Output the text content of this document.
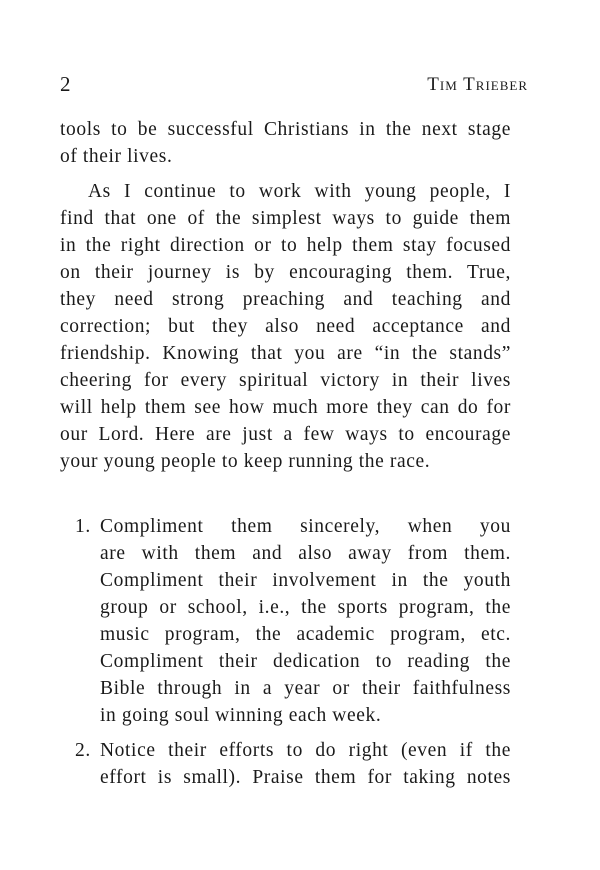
2	Tim Trieber
tools to be successful Christians in the next stage
of their lives.
As I continue to work with young people, I
find that one of the simplest ways to guide them
in the right direction or to help them stay focused
on their journey is by encouraging them. True,
they need strong preaching and teaching and
correction; but they also need acceptance and
friendship. Knowing that you are “in the stands”
cheering for every spiritual victory in their lives
will help them see how much more they can do for
our Lord. Here are just a few ways to encourage
your young people to keep running the race.
1. Compliment them sincerely, when you
are with them and also away from them.
Compliment their involvement in the youth
group or school, i.e., the sports program, the
music program, the academic program, etc.
Compliment their dedication to reading the
Bible through in a year or their faithfulness
in going soul winning each week.
2. Notice their efforts to do right (even if the
effort is small). Praise them for taking notes
